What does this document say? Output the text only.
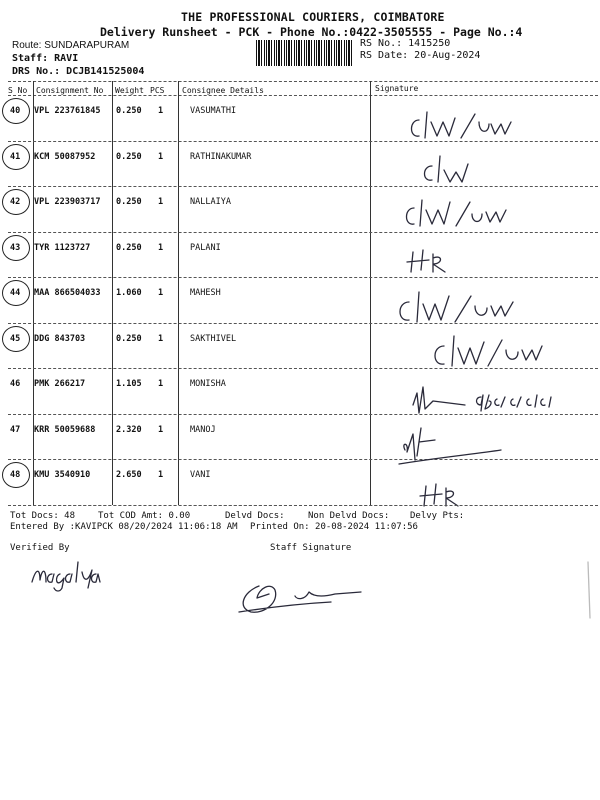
THE PROFESSIONAL COURIERS, COIMBATORE
Delivery Runsheet - PCK - Phone No.:0422-3505555 - Page No.:4
Route: SUNDARAPURAM
Staff: RAVI
DRS No.: DCJB141525004
RS No.: 1415250
RS Date: 20-Aug-2024
S No Consignment No Weight PCS Consignee Details	Signature
40 VPL 223761845 0.250 1	VASUMATHI
41 KCM 50087952 0.250 1	RATHINAKUMAR
42 VPL 223903717 0.250 1	NALLAIYA
43 TYR 1123727	0.250 1	PALANI
44 MAA 866504033 1.060 1	MAHESH
45 DDG 843703	0.250 1	SAKTHIVEL
46 PMK 266217	1.105 1	MONISHA
47 KRR 50059688 2.320 1	MANOJ
48 KMU 3540910	2.650 1	VANI
Tot Docs: 48	Tot COD Amt: 0.00	Delvd Docs:	Non Delvd Docs: Delvy Pts:
Entered By :KAVIPCK 08/20/2024 11:06:18 AM Printed On: 20-08-2024 11:07:56
Verified By	Staff Signature
